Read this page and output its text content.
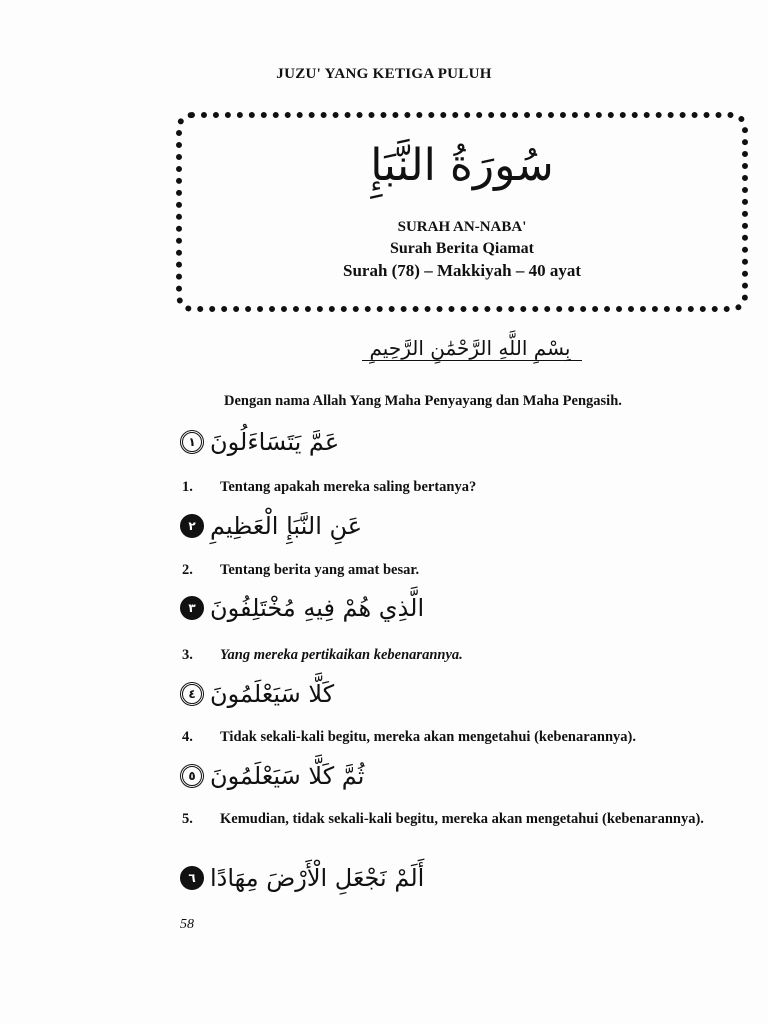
JUZU' YANG KETIGA PULUH
سُورَةُ النَّبَإِ
SURAH AN-NABA'
Surah Berita Qiamat
Surah (78) – Makkiyah – 40 ayat
بِسْمِ اللَّهِ الرَّحْمَٰنِ الرَّحِيمِ
Dengan nama Allah Yang Maha Penyayang dan Maha Pengasih.
١ عَمَّ يَتَسَاءَلُونَ
1.	Tentang apakah mereka saling bertanya?
٢ عَنِ النَّبَإِ الْعَظِيمِ
2.	Tentang berita yang amat besar.
٣ الَّذِي هُمْ فِيهِ مُخْتَلِفُونَ
3.	Yang mereka pertikaikan kebenarannya.
٤ كَلَّا سَيَعْلَمُونَ
4.	Tidak sekali-kali begitu, mereka akan mengetahui (kebenarannya).
٥ ثُمَّ كَلَّا سَيَعْلَمُونَ
5.	Kemudian, tidak sekali-kali begitu, mereka akan mengetahui (kebenarannya).
٦ أَلَمْ نَجْعَلِ الْأَرْضَ مِهَادًا
58
